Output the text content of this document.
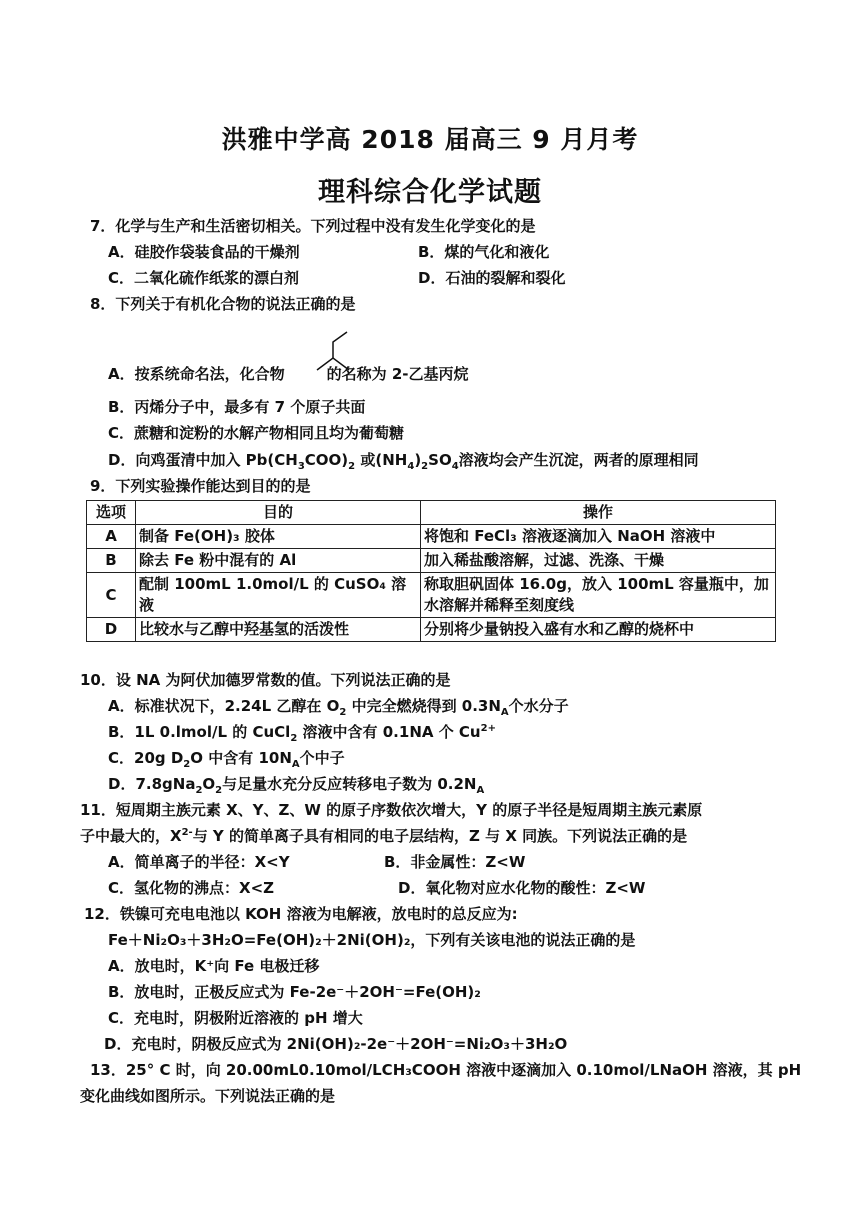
洪雅中学高 2018 届高三 9 月月考
理科综合化学试题
7．化学与生产和生活密切相关。下列过程中没有发生化学变化的是
A．硅胶作袋装食品的干燥剂	B．煤的气化和液化
C．二氧化硫作纸浆的漂白剂	D．石油的裂解和裂化
8．下列关于有机化合物的说法正确的是
A．按系统命名法，化合物	的名称为 2-乙基丙烷
B．丙烯分子中，最多有 7 个原子共面
C．蔗糖和淀粉的水解产物相同且均为葡萄糖
D．向鸡蛋清中加入 $Pb(CH_3COO)_2$ 或$(NH_4)_2SO_4$溶液均会产生沉淀，两者的原理相同
9．下列实验操作能达到目的的是
选项	目的	操作
A	制备 Fe(OH)₃ 胶体	将饱和 FeCl₃ 溶液逐滴加入 NaOH 溶液中
B	除去 Fe 粉中混有的 Al	加入稀盐酸溶解，过滤、洗涤、干燥
C	配制 100mL 1.0mol/L 的 CuSO₄ 溶液	称取胆矾固体 16.0g，放入 100mL 容量瓶中，加水溶解并稀释至刻度线
D	比较水与乙醇中羟基氢的活泼性	分别将少量钠投入盛有水和乙醇的烧杯中
10．设 NA 为阿伏加德罗常数的值。下列说法正确的是
A．标准状况下，2.24L 乙醇在 $O_2$ 中完全燃烧得到 $0.3N_A$个水分子
B．1L 0.lmol/L 的 CuCl$_2$ 溶液中含有 0.1NA 个 $Cu^{2+}$
C．20g $D_2O$ 中含有 $10N_A$个中子
D．$7.8gNa_2O_2$与足量水充分反应转移电子数为 $0.2N_A$
11．短周期主族元素 X、Y、Z、W 的原子序数依次增大，Y 的原子半径是短周期主族元素原
子中最大的，$X^{2-}$与 Y 的简单离子具有相同的电子层结构，Z 与 X 同族。下列说法正确的是
A．简单离子的半径：X<Y	B．非金属性：Z<W
C．氢化物的沸点：X<Z	D．氧化物对应水化物的酸性：Z<W
12．铁镍可充电电池以 KOH 溶液为电解液，放电时的总反应为:
Fe＋Ni₂O₃＋3H₂O=Fe(OH)₂＋2Ni(OH)₂，下列有关该电池的说法正确的是
A．放电时，K⁺向 Fe 电极迁移
B．放电时，正极反应式为 Fe-2e⁻＋2OH⁻=Fe(OH)₂
C．充电时，阴极附近溶液的 pH 增大
D．充电时，阴极反应式为 2Ni(OH)₂-2e⁻＋2OH⁻=Ni₂O₃＋3H₂O
13．25° C 时，向 20.00mL0.10mol/LCH₃COOH 溶液中逐滴加入 0.10mol/LNaOH 溶液，其 pH
变化曲线如图所示。下列说法正确的是
